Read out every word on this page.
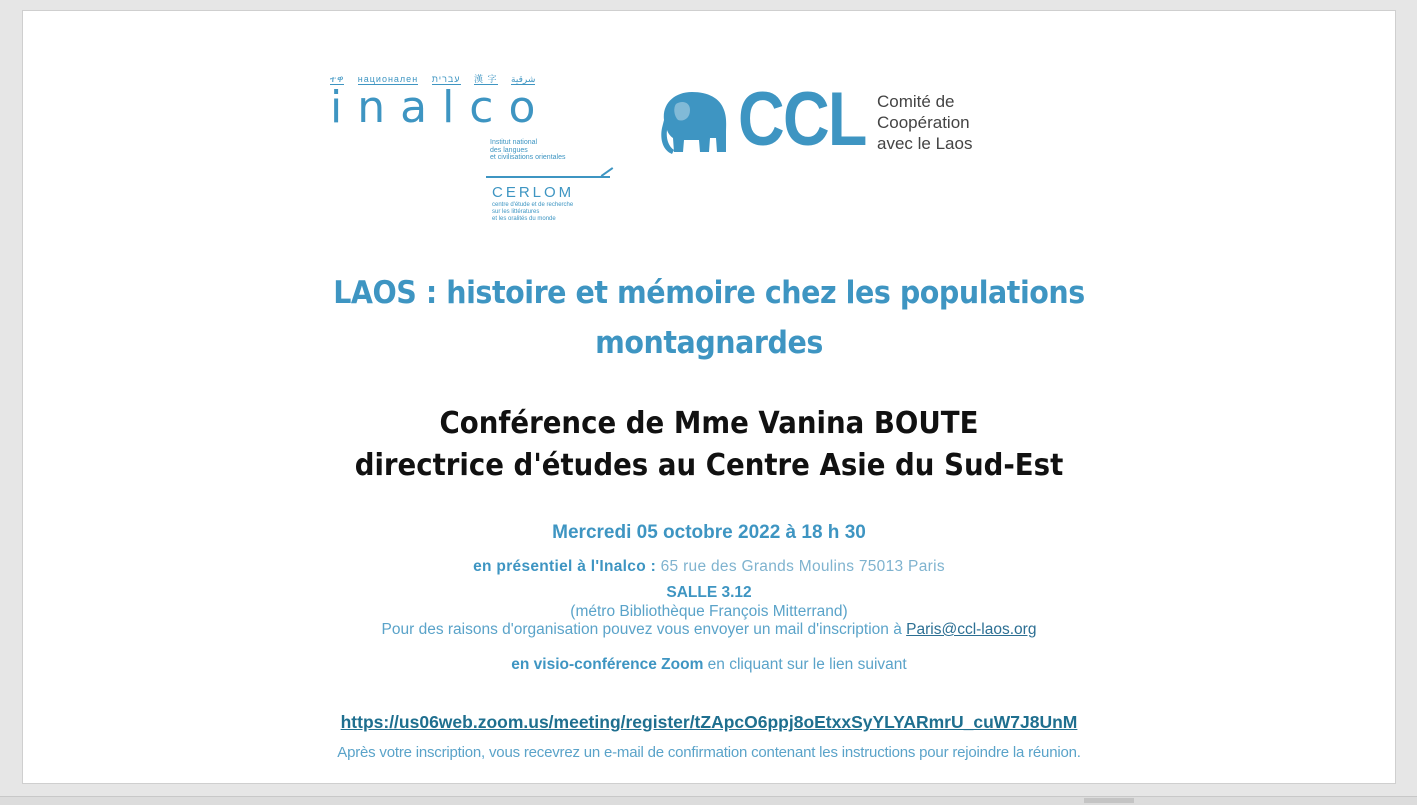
ተዋ национален עברית 漢 字 شرقية
inalco
Institut national
des langues
et civilisations orientales
CERLOM
centre d'étude et de recherche
sur les littératures
et les oralités du monde
CCL Comité de
Coopération
avec le Laos
LAOS : histoire et mémoire chez les populations
montagnardes
Conférence de Mme Vanina BOUTE
directrice d'études au Centre Asie du Sud-Est
Mercredi 05 octobre 2022 à 18 h 30
en présentiel à l'Inalco : 65 rue des Grands Moulins 75013 Paris
SALLE 3.12
(métro Bibliothèque François Mitterrand)
Pour des raisons d'organisation pouvez vous envoyer un mail d'inscription à Paris@ccl-laos.org
en visio-conférence Zoom en cliquant sur le lien suivant
https://us06web.zoom.us/meeting/register/tZApcO6ppj8oEtxxSyYLYARmrU_cuW7J8UnM
Après votre inscription, vous recevrez un e-mail de confirmation contenant les instructions pour rejoindre la réunion.
